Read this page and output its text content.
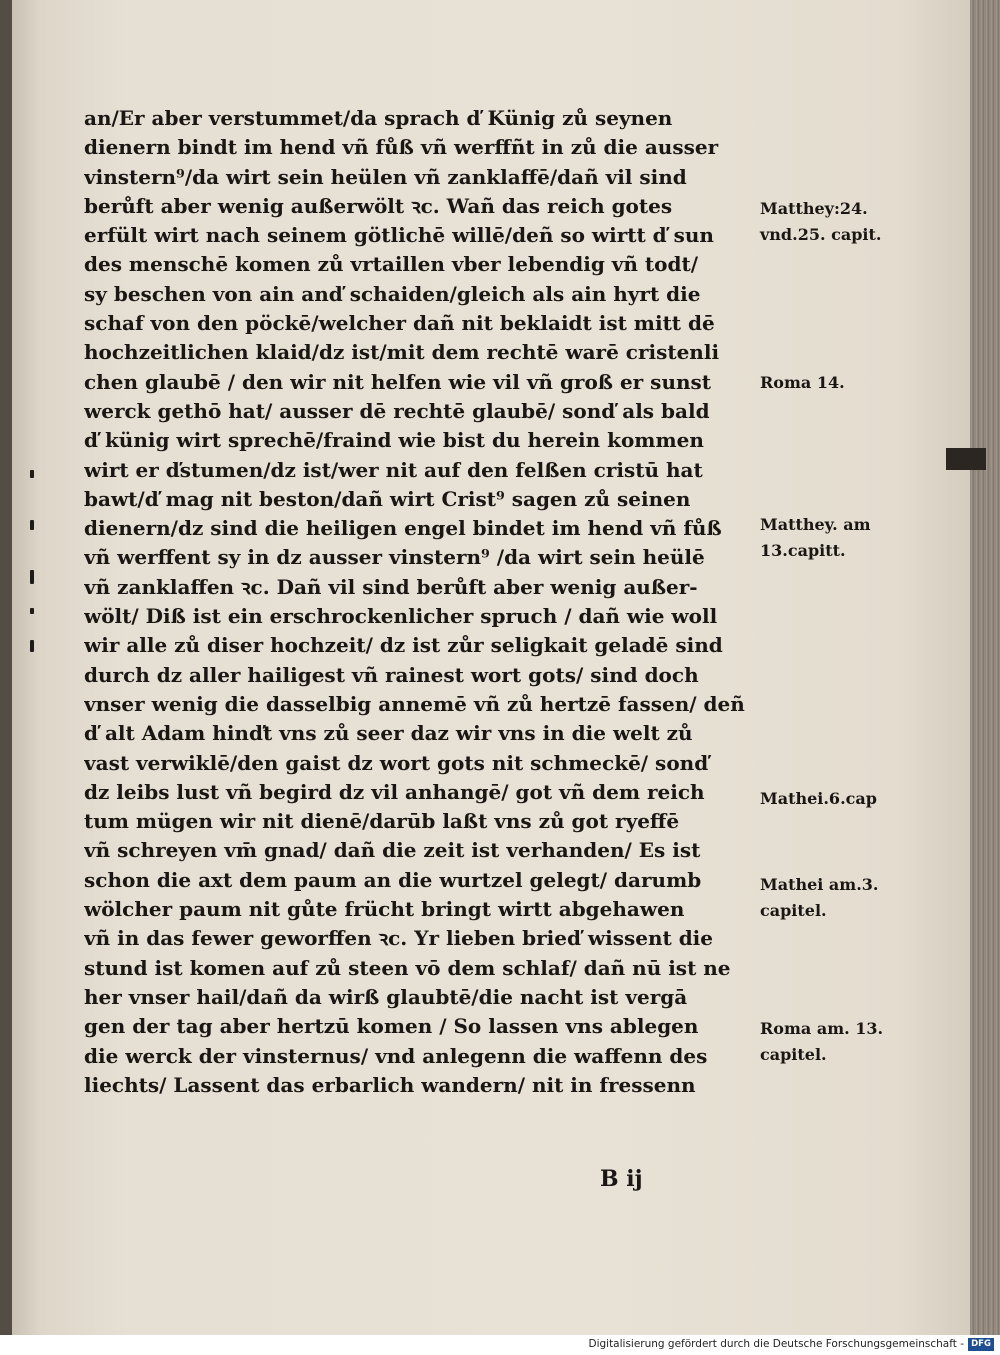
an/Er aber verstummet/da sprach ď Künig zů seynen
dienern bindt im hend vñ fůß vñ werffñt in zů die ausser
vinstern⁹/da wirt sein heülen vñ zanklaffē/dañ vil sind
berůft aber wenig außerwölt ꝛc. Wañ das reich gotes
erfült wirt nach seinem götlichē willē/deñ so wirtt ď sun
des menschē komen zů vrtaillen vber lebendig vñ todt/
sy beschen von ain anď schaiden/gleich als ain hyrt die
schaf von den pöckē/welcher dañ nit beklaidt ist mitt dē
hochzeitlichen klaid/dz ist/mit dem rechtē warē cristenli
chen glaubē / den wir nit helfen wie vil vñ groß er sunst
werck gethō hat/ ausser dē rechtē glaubē/ sonď als bald
ď künig wirt sprechē/fraind wie bist du herein kommen
wirt er ďstumen/dz ist/wer nit auf den felßen cristū hat
bawt/ď mag nit beston/dañ wirt Crist⁹ sagen zů seinen
dienern/dz sind die heiligen engel bindet im hend vñ fůß
vñ werffent sy in dz ausser vinstern⁹ /da wirt sein heülē
vñ zanklaffen ꝛc. Dañ vil sind berůft aber wenig außer-
wölt/ Diß ist ein erschrockenlicher spruch / dañ wie woll
wir alle zů diser hochzeit/ dz ist zůr seligkait geladē sind
durch dz aller hailigest vñ rainest wort gots/ sind doch
vnser wenig die dasselbig annemē vñ zů hertzē fassen/ deñ
ď alt Adam hinďt vns zů seer daz wir vns in die welt zů
vast verwiklē/den gaist dz wort gots nit schmeckē/ sonď
dz leibs lust vñ begird dz vil anhangē/ got vñ dem reich
tum mügen wir nit dienē/darūb laßt vns zů got ryeffē
vñ schreyen vm̄ gnad/ dañ die zeit ist verhanden/ Es ist
schon die axt dem paum an die wurtzel gelegt/ darumb
wölcher paum nit gůte frücht bringt wirtt abgehawen
vñ in das fewer geworffen ꝛc. Yr lieben brieď wissent die
stund ist komen auf zů steen vō dem schlaf/ dañ nū ist ne
her vnser hail/dañ da wirß glaubtē/die nacht ist vergā
gen der tag aber hertzū komen / So lassen vns ablegen
die werck der vinsternus/ vnd anlegenn die waffenn des
liechts/ Lassent das erbarlich wandern/ nit in fressenn
Matthey:24.
vnd.25. capit.
Roma 14.
Matthey. am
13.capitt.
Mathei.6.cap
Mathei am.3.
capitel.
Roma am. 13.
capitel.
B ij
Digitalisierung gefördert durch die Deutsche Forschungsgemeinschaft - DFG
